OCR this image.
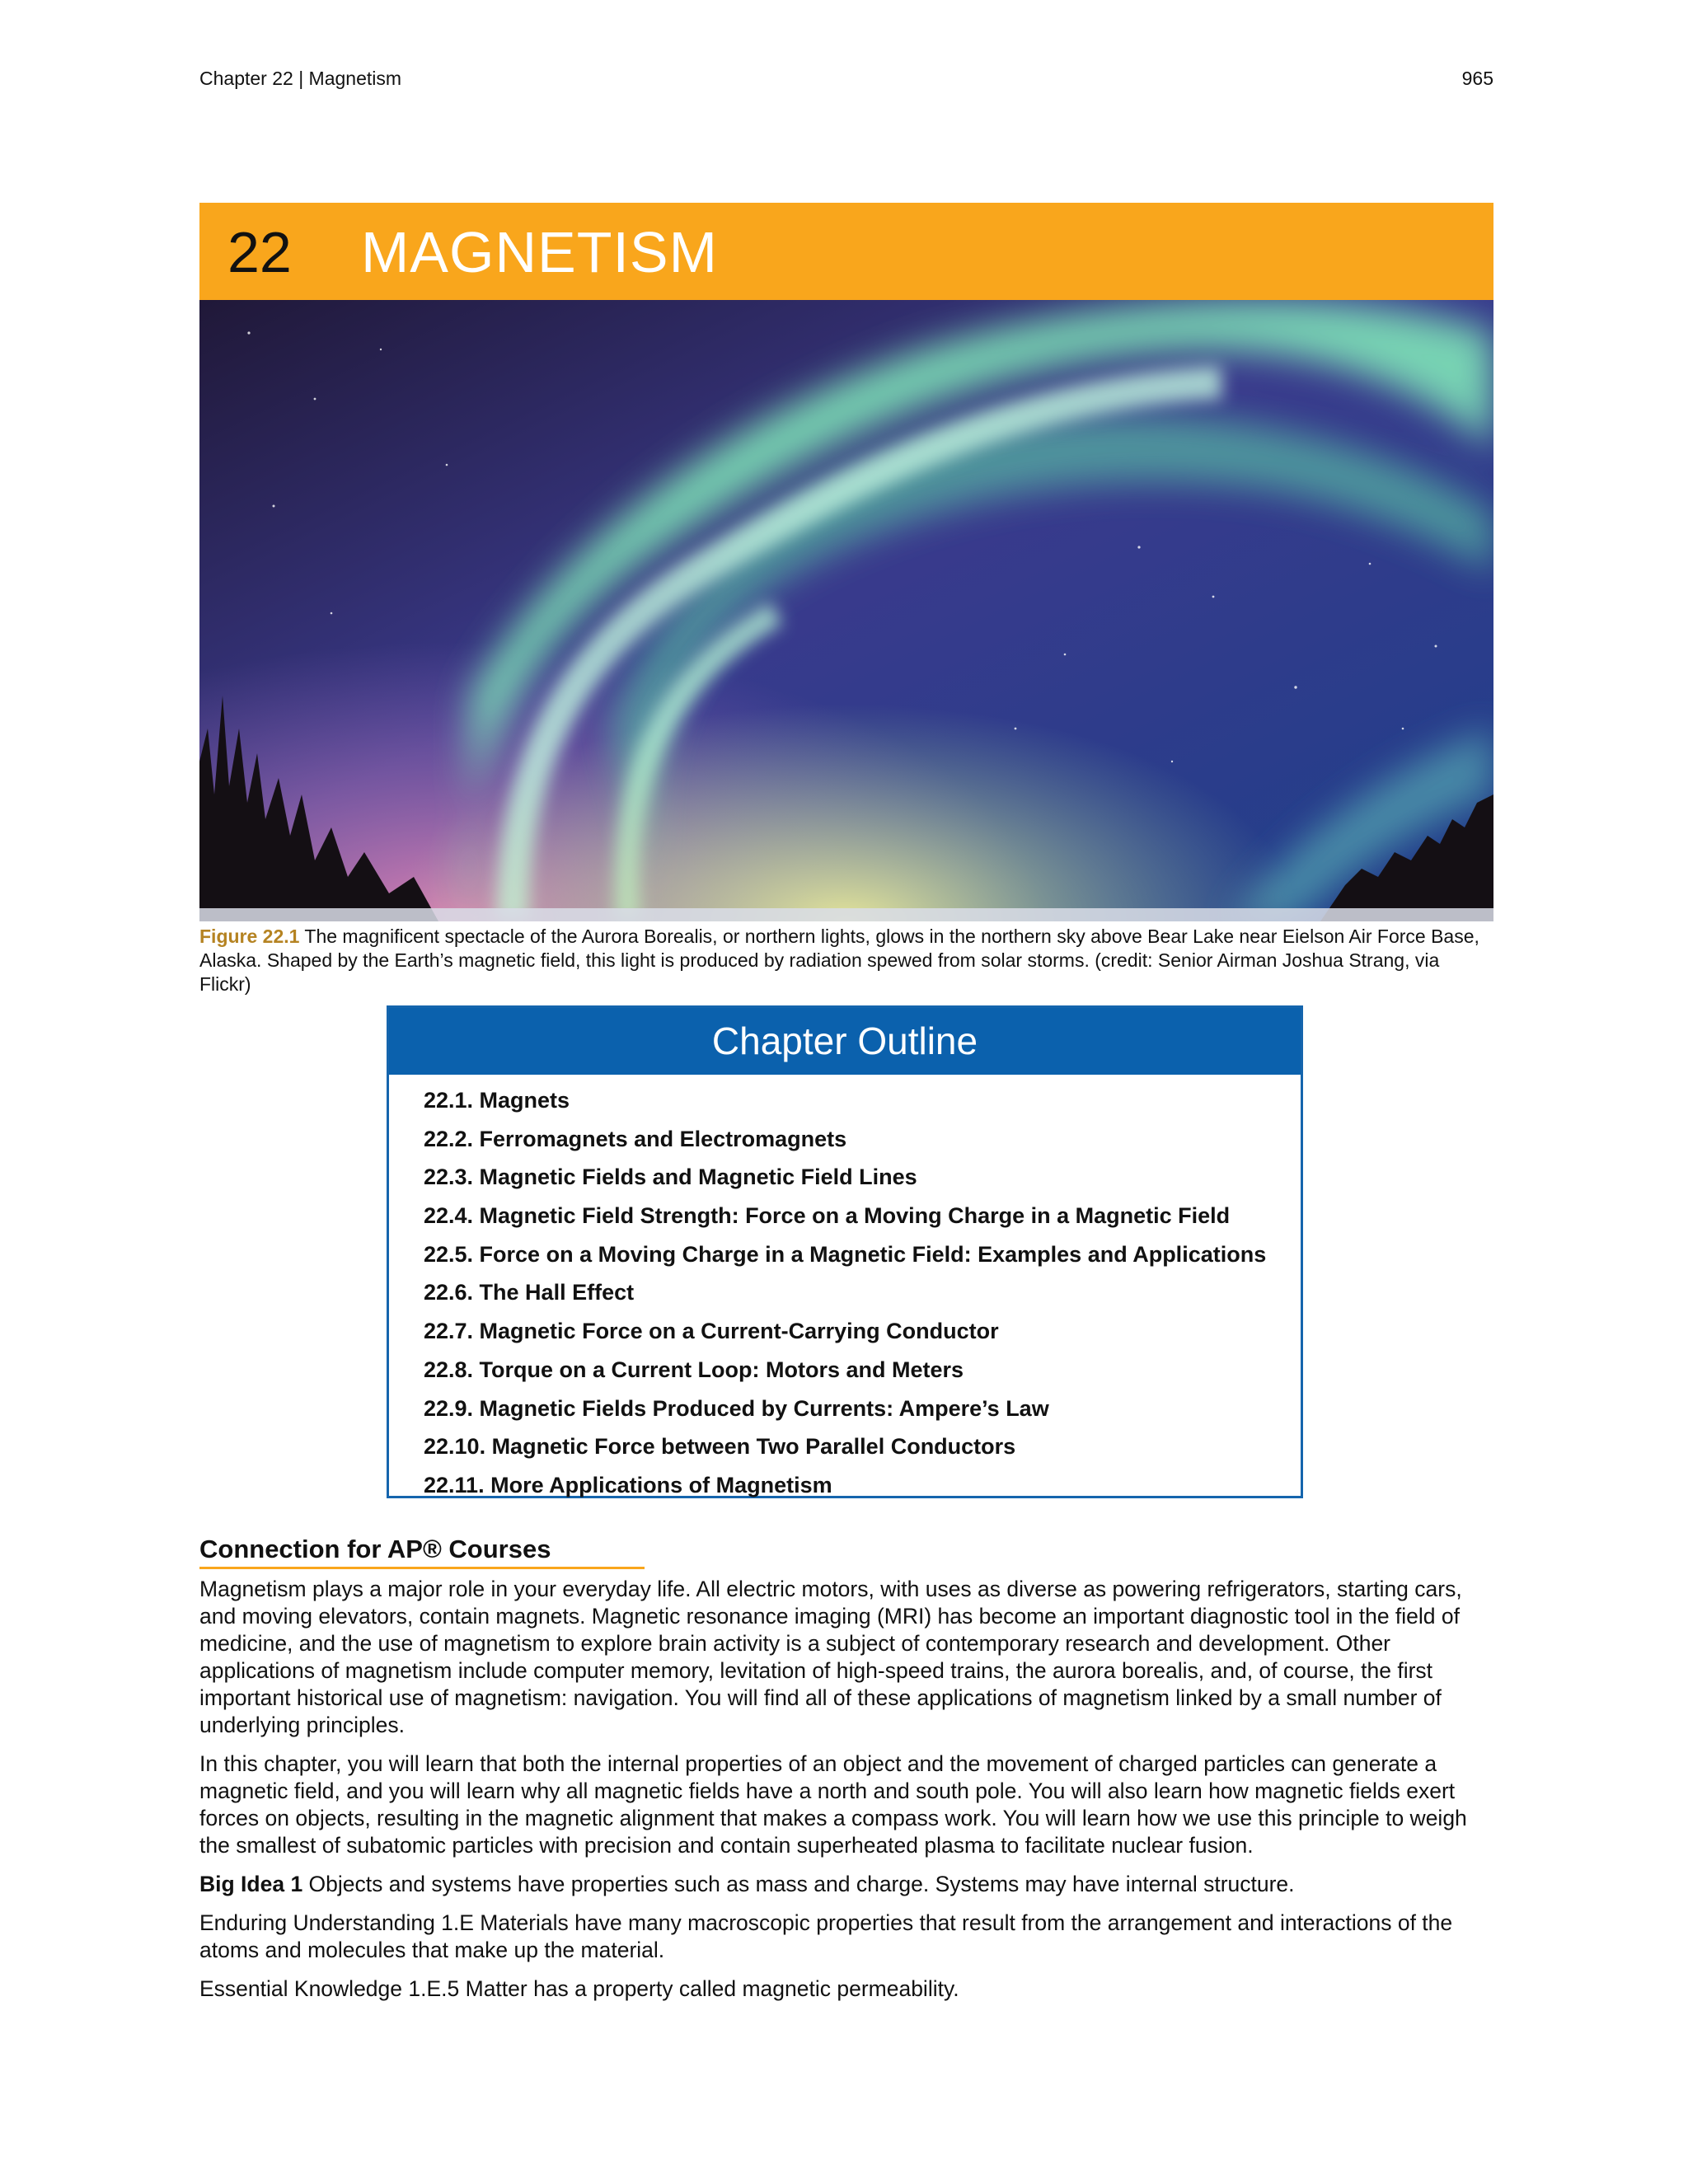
Chapter 22 | Magnetism	965
22 MAGNETISM
Figure 22.1 The magnificent spectacle of the Aurora Borealis, or northern lights, glows in the northern sky above Bear Lake near Eielson Air Force Base, Alaska. Shaped by the Earth’s magnetic field, this light is produced by radiation spewed from solar storms. (credit: Senior Airman Joshua Strang, via Flickr)
Chapter Outline
22.1. Magnets
22.2. Ferromagnets and Electromagnets
22.3. Magnetic Fields and Magnetic Field Lines
22.4. Magnetic Field Strength: Force on a Moving Charge in a Magnetic Field
22.5. Force on a Moving Charge in a Magnetic Field: Examples and Applications
22.6. The Hall Effect
22.7. Magnetic Force on a Current-Carrying Conductor
22.8. Torque on a Current Loop: Motors and Meters
22.9. Magnetic Fields Produced by Currents: Ampere’s Law
22.10. Magnetic Force between Two Parallel Conductors
22.11. More Applications of Magnetism
Connection for AP® Courses

Magnetism plays a major role in your everyday life. All electric motors, with uses as diverse as powering refrigerators, starting cars, and moving elevators, contain magnets. Magnetic resonance imaging (MRI) has become an important diagnostic tool in the field of medicine, and the use of magnetism to explore brain activity is a subject of contemporary research and development. Other applications of magnetism include computer memory, levitation of high-speed trains, the aurora borealis, and, of course, the first important historical use of magnetism: navigation. You will find all of these applications of magnetism linked by a small number of underlying principles.

In this chapter, you will learn that both the internal properties of an object and the movement of charged particles can generate a magnetic field, and you will learn why all magnetic fields have a north and south pole. You will also learn how magnetic fields exert forces on objects, resulting in the magnetic alignment that makes a compass work. You will learn how we use this principle to weigh the smallest of subatomic particles with precision and contain superheated plasma to facilitate nuclear fusion.

Big Idea 1 Objects and systems have properties such as mass and charge. Systems may have internal structure.

Enduring Understanding 1.E Materials have many macroscopic properties that result from the arrangement and interactions of the atoms and molecules that make up the material.

Essential Knowledge 1.E.5 Matter has a property called magnetic permeability.
